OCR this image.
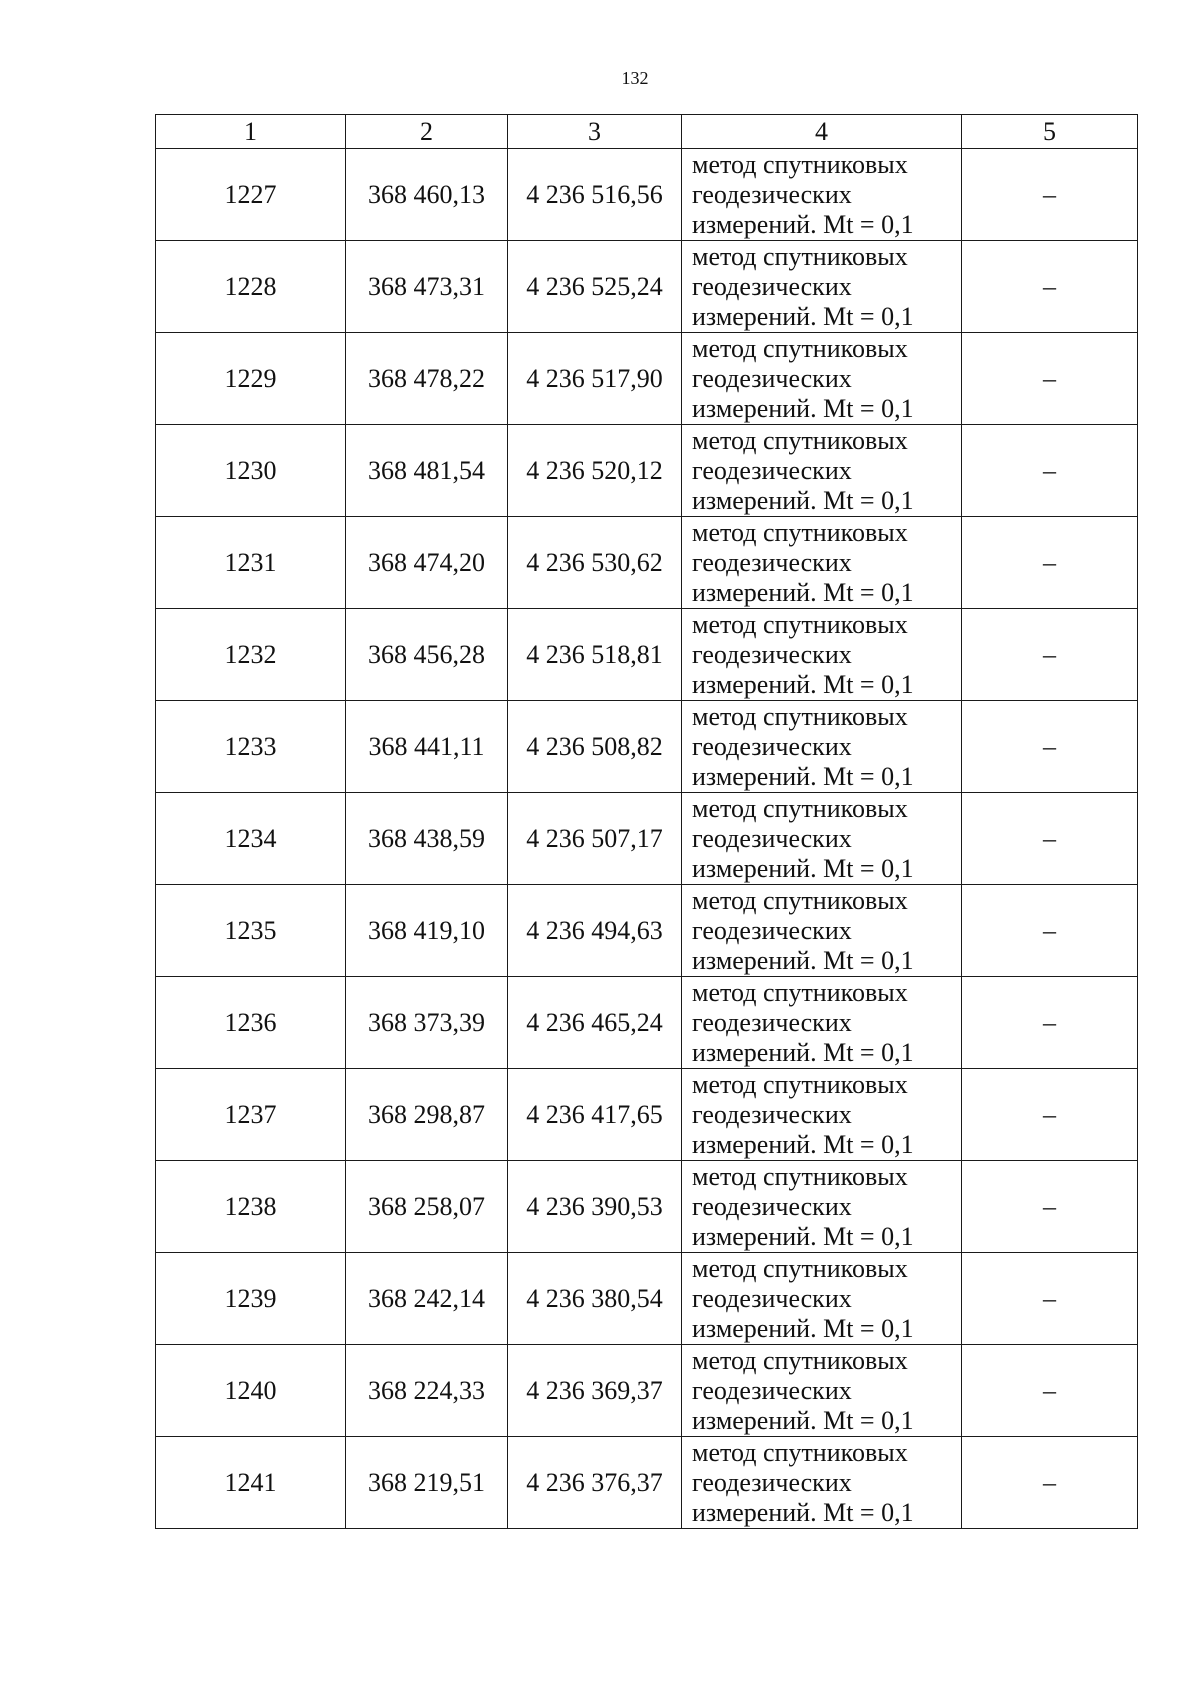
132
1	2	3	4	5
1227	368 460,13	4 236 516,56	метод спутниковых
геодезических
измерений. Mt = 0,1	–
1228	368 473,31	4 236 525,24	метод спутниковых
геодезических
измерений. Mt = 0,1	–
1229	368 478,22	4 236 517,90	метод спутниковых
геодезических
измерений. Mt = 0,1	–
1230	368 481,54	4 236 520,12	метод спутниковых
геодезических
измерений. Mt = 0,1	–
1231	368 474,20	4 236 530,62	метод спутниковых
геодезических
измерений. Mt = 0,1	–
1232	368 456,28	4 236 518,81	метод спутниковых
геодезических
измерений. Mt = 0,1	–
1233	368 441,11	4 236 508,82	метод спутниковых
геодезических
измерений. Mt = 0,1	–
1234	368 438,59	4 236 507,17	метод спутниковых
геодезических
измерений. Mt = 0,1	–
1235	368 419,10	4 236 494,63	метод спутниковых
геодезических
измерений. Mt = 0,1	–
1236	368 373,39	4 236 465,24	метод спутниковых
геодезических
измерений. Mt = 0,1	–
1237	368 298,87	4 236 417,65	метод спутниковых
геодезических
измерений. Mt = 0,1	–
1238	368 258,07	4 236 390,53	метод спутниковых
геодезических
измерений. Mt = 0,1	–
1239	368 242,14	4 236 380,54	метод спутниковых
геодезических
измерений. Mt = 0,1	–
1240	368 224,33	4 236 369,37	метод спутниковых
геодезических
измерений. Mt = 0,1	–
1241	368 219,51	4 236 376,37	метод спутниковых
геодезических
измерений. Mt = 0,1	–
